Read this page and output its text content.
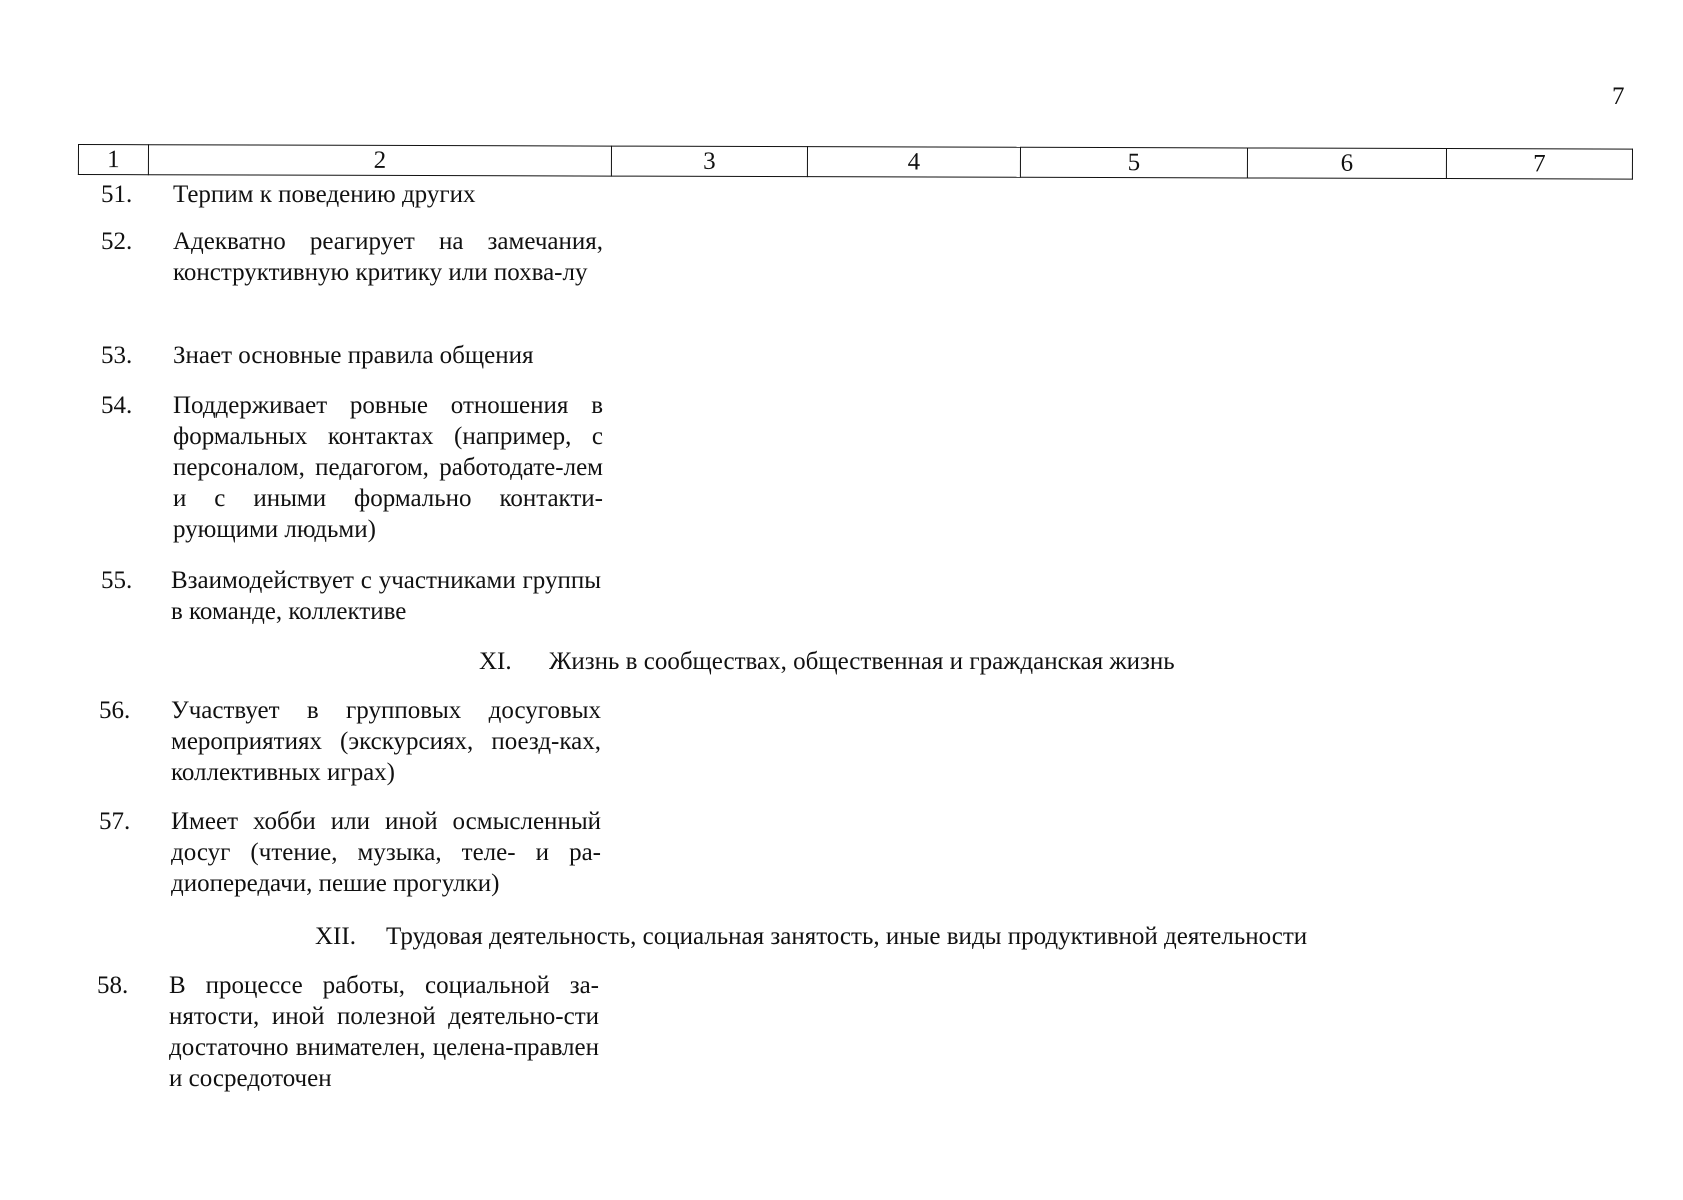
7
1	2	3	4	5	6	7
51. Терпим к поведению других
52. Адекватно реагирует на замечания, конструктивную критику или похва-лу
53. Знает основные правила общения
54. Поддерживает ровные отношения в формальных контактах (например, с персоналом, педагогом, работодате-лем и с иными формально контакти-рующими людьми)
55. Взаимодействует с участниками группы в команде, коллективе
XI. Жизнь в сообществах, общественная и гражданская жизнь
56. Участвует в групповых досуговых мероприятиях (экскурсиях, поезд-ках, коллективных играх)
57. Имеет хобби или иной осмысленный досуг (чтение, музыка, теле- и ра-диопередачи, пешие прогулки)
XII. Трудовая деятельность, социальная занятость, иные виды продуктивной деятельности
58. В процессе работы, социальной за-нятости, иной полезной деятельно-сти достаточно внимателен, целена-правлен и сосредоточен
